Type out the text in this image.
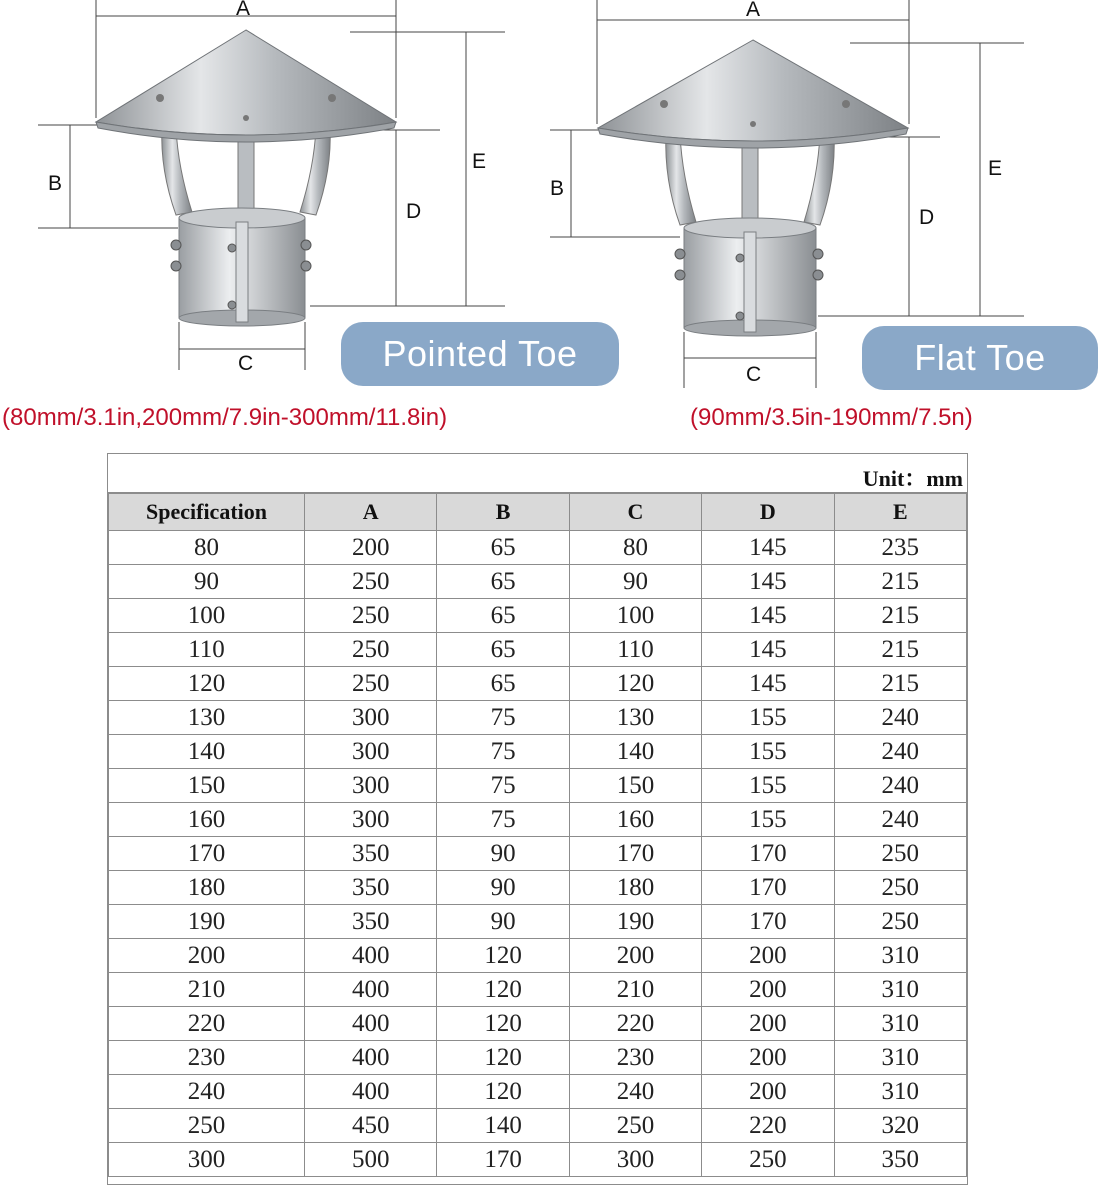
A
B
C
D
E
Pointed Toe
(80mm/3.1in,200mm/7.9in-300mm/11.8in)
A
B
C
D
E
Flat Toe
(90mm/3.5in-190mm/7.5n)
Unit：mm
Specification	A	B	C	D	E
80	200	65	80	145	235
90	250	65	90	145	215
100	250	65	100	145	215
110	250	65	110	145	215
120	250	65	120	145	215
130	300	75	130	155	240
140	300	75	140	155	240
150	300	75	150	155	240
160	300	75	160	155	240
170	350	90	170	170	250
180	350	90	180	170	250
190	350	90	190	170	250
200	400	120	200	200	310
210	400	120	210	200	310
220	400	120	220	200	310
230	400	120	230	200	310
240	400	120	240	200	310
250	450	140	250	220	320
300	500	170	300	250	350
